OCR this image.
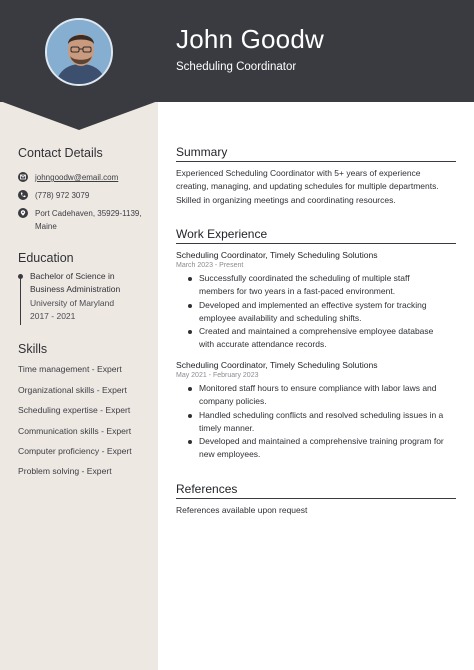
John Goodw
Scheduling Coordinator
Contact Details
johngoodw@email.com
(778) 972 3079
Port Cadehaven, 35929-1139,
Maine
Education
Bachelor of Science in
Business Administration
University of Maryland
2017 - 2021
Skills
Time management - Expert
Organizational skills - Expert
Scheduling expertise - Expert
Communication skills - Expert
Computer proficiency - Expert
Problem solving - Expert
Summary
Experienced Scheduling Coordinator with 5+ years of experience
creating, managing, and updating schedules for multiple departments.
Skilled in organizing meetings and coordinating resources.
Work Experience
Scheduling Coordinator, Timely Scheduling Solutions
March 2023 - Present
Successfully coordinated the scheduling of multiple staff
members for two years in a fast-paced environment.
Developed and implemented an effective system for tracking
employee availability and scheduling shifts.
Created and maintained a comprehensive employee database
with accurate attendance records.
Scheduling Coordinator, Timely Scheduling Solutions
May 2021 - February 2023
Monitored staff hours to ensure compliance with labor laws and
company policies.
Handled scheduling conflicts and resolved scheduling issues in a
timely manner.
Developed and maintained a comprehensive training program for
new employees.
References
References available upon request
